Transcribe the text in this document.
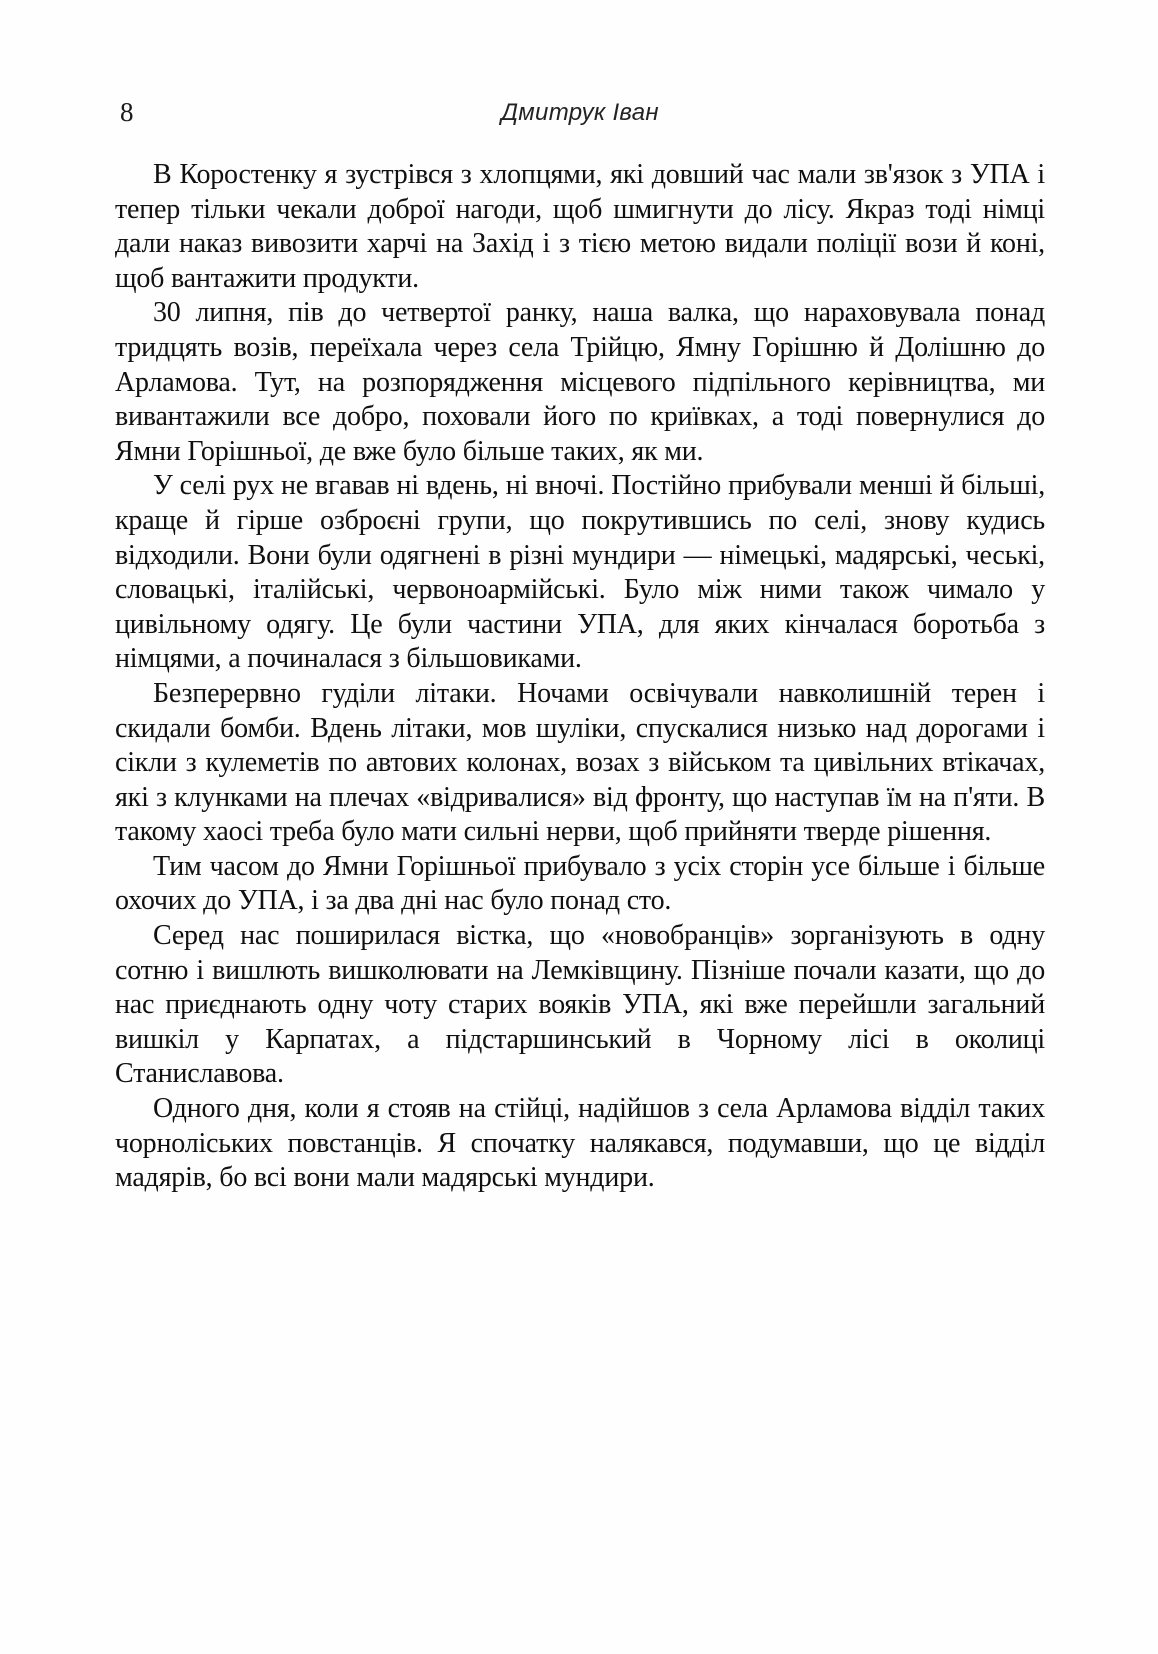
8	Дмитрук Іван

В Коростенку я зустрівся з хлопцями, які довший час мали зв'язок з УПА і тепер тільки чекали доброї нагоди, щоб шмигнути до лісу. Якраз тоді німці дали наказ вивозити харчі на Захід і з тією метою видали поліції вози й коні, щоб вантажити продукти.

30 липня, пів до четвертої ранку, наша валка, що нараховувала понад тридцять возів, переїхала через села Трійцю, Ямну Горішню й Долішню до Арламова. Тут, на розпорядження місцевого підпільного керівництва, ми вивантажили все добро, поховали його по криївках, а тоді повернулися до Ямни Горішньої, де вже було більше таких, як ми.

У селі рух не вгавав ні вдень, ні вночі. Постійно прибували менші й більші, краще й гірше озброєні групи, що покрутившись по селі, знову кудись відходили. Вони були одягнені в різні мундири — німецькі, мадярські, чеські, словацькі, італійські, червоноармійські. Було між ними також чимало у цивільному одягу. Це були частини УПА, для яких кінчалася боротьба з німцями, а починалася з більшовиками.

Безперервно гуділи літаки. Ночами освічували навколишній терен і скидали бомби. Вдень літаки, мов шуліки, спускалися низько над дорогами і сікли з кулеметів по автових колонах, возах з військом та цивільних втікачах, які з клунками на плечах «відривалися» від фронту, що наступав їм на п'яти. В такому хаосі треба було мати сильні нерви, щоб прийняти тверде рішення.

Тим часом до Ямни Горішньої прибувало з усіх сторін усе більше і більше охочих до УПА, і за два дні нас було понад сто.

Серед нас поширилася вістка, що «новобранців» зорганізують в одну сотню і вишлють вишколювати на Лемківщину. Пізніше почали казати, що до нас приєднають одну чоту старих вояків УПА, які вже перейшли загальний вишкіл у Карпатах, а підстаршинський в Чорному лісі в околиці Станиславова.

Одного дня, коли я стояв на стійці, надійшов з села Арламова відділ таких чорноліських повстанців. Я спочатку налякався, подумавши, що це відділ мадярів, бо всі вони мали мадярські мундири.
